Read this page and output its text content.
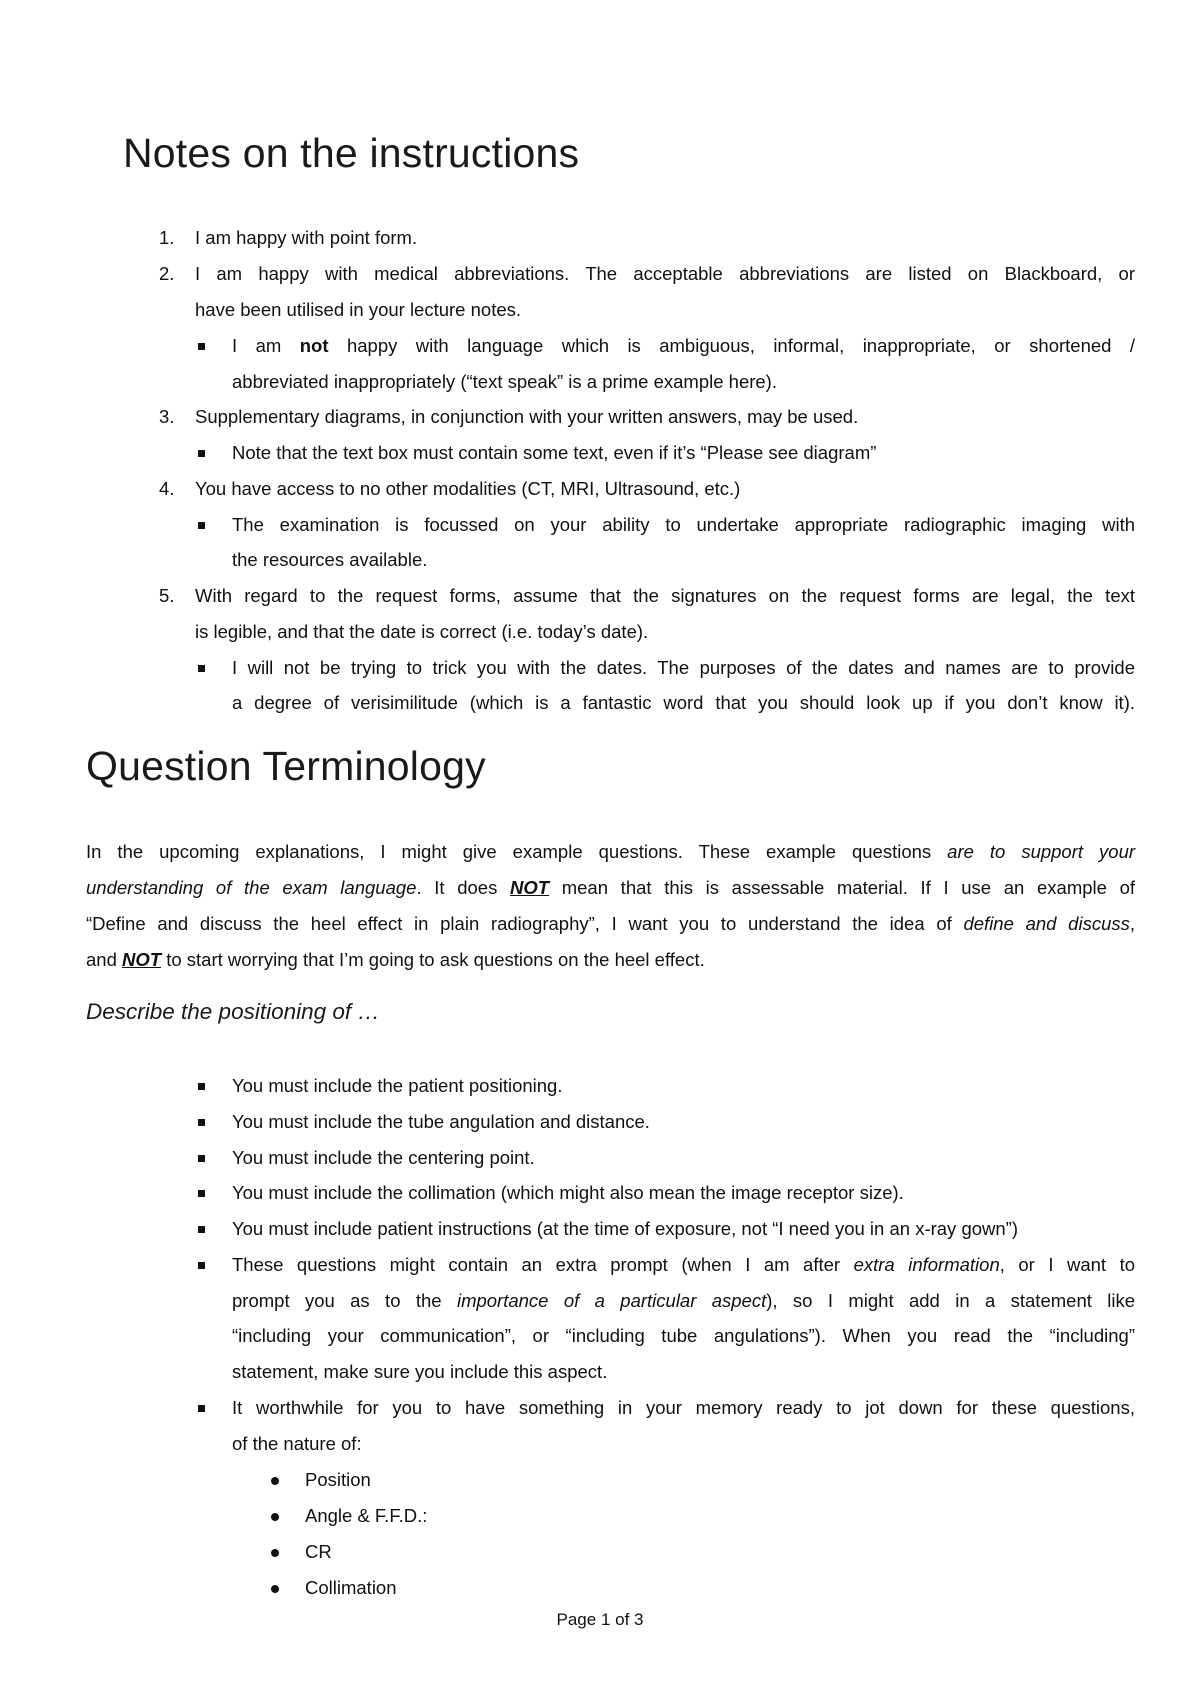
Notes on the instructions
1. I am happy with point form.
2. I am happy with medical abbreviations. The acceptable abbreviations are listed on Blackboard, or
have been utilised in your lecture notes.
I am not happy with language which is ambiguous, informal, inappropriate, or shortened /
abbreviated inappropriately (“text speak” is a prime example here).
3. Supplementary diagrams, in conjunction with your written answers, may be used.
Note that the text box must contain some text, even if it’s “Please see diagram”
4. You have access to no other modalities (CT, MRI, Ultrasound, etc.)
The examination is focussed on your ability to undertake appropriate radiographic imaging with
the resources available.
5. With regard to the request forms, assume that the signatures on the request forms are legal, the text
is legible, and that the date is correct (i.e. today’s date).
I will not be trying to trick you with the dates. The purposes of the dates and names are to provide
a degree of verisimilitude (which is a fantastic word that you should look up if you don’t know it).
Question Terminology
In the upcoming explanations, I might give example questions. These example questions are to support your
understanding of the exam language. It does NOT mean that this is assessable material. If I use an example of
“Define and discuss the heel effect in plain radiography”, I want you to understand the idea of define and discuss,
and NOT to start worrying that I’m going to ask questions on the heel effect.
Describe the positioning of …
You must include the patient positioning.
You must include the tube angulation and distance.
You must include the centering point.
You must include the collimation (which might also mean the image receptor size).
You must include patient instructions (at the time of exposure, not “I need you in an x-ray gown”)
These questions might contain an extra prompt (when I am after extra information, or I want to
prompt you as to the importance of a particular aspect), so I might add in a statement like
“including your communication”, or “including tube angulations”). When you read the “including”
statement, make sure you include this aspect.
It worthwhile for you to have something in your memory ready to jot down for these questions,
of the nature of:
Position
Angle & F.F.D.:
CR
Collimation
Page 1 of 3
